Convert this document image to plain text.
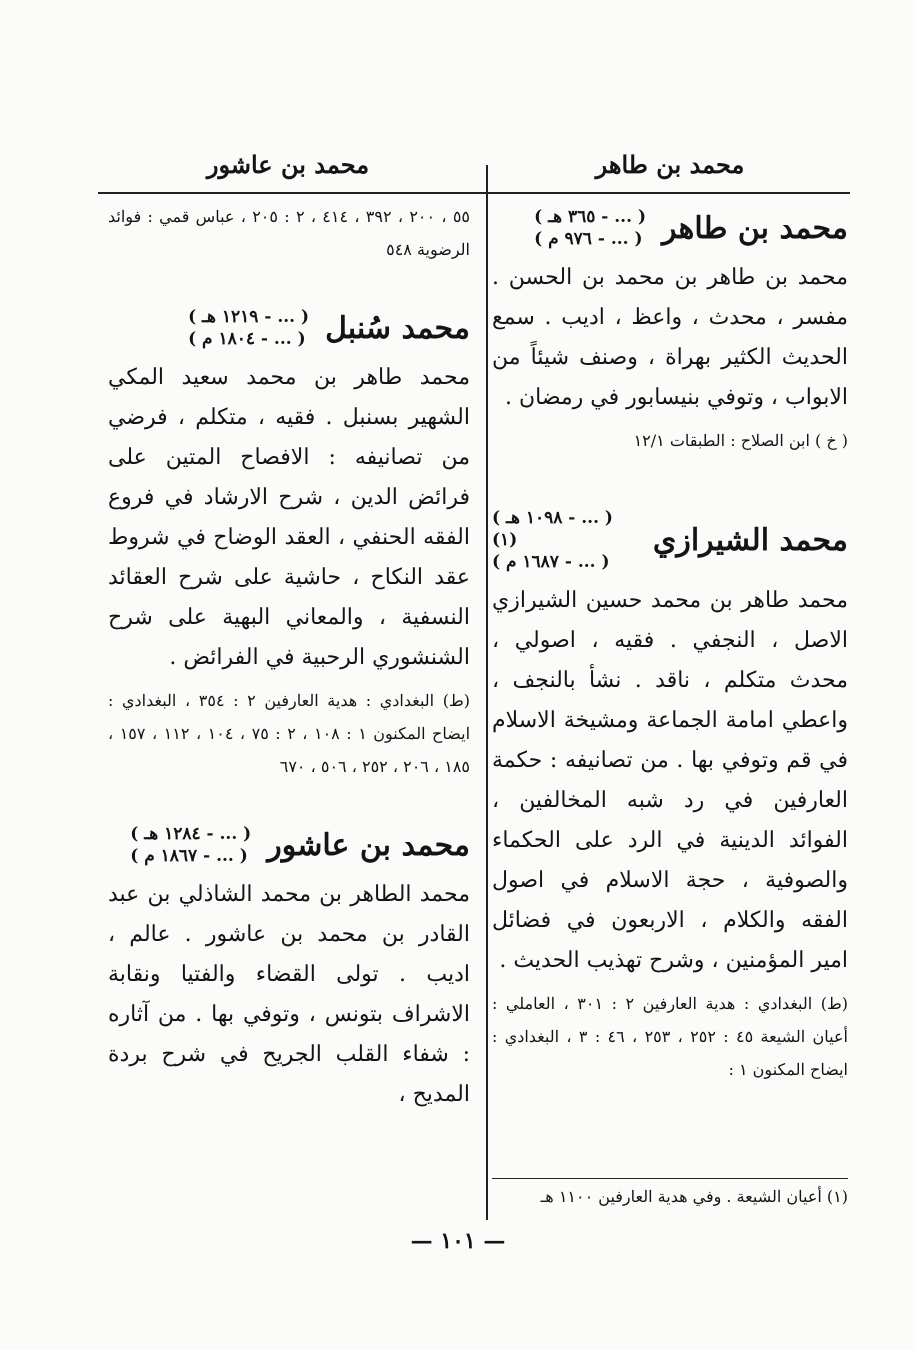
محمد بن طاهر
محمد بن عاشور
محمد بن طاهر
( ... - ٣٦٥ هـ )
( ... - ٩٧٦ م )

محمد بن طاهر بن محمد بن الحسن . مفسر ، محدث ، واعظ ، اديب . سمع الحديث الكثير بهراة ، وصنف شيئاً من الابواب ، وتوفي بنيسابور في رمضان .

( خ ) ابن الصلاح : الطبقات ١٢/١

محمد الشيرازي
( ... - ١٠٩٨ هـ )(١)
( ... - ١٦٨٧ م )

محمد طاهر بن محمد حسين الشيرازي الاصل ، النجفي . فقيه ، اصولي ، محدث متكلم ، ناقد . نشأ بالنجف ، واعطي امامة الجماعة ومشيخة الاسلام في قم وتوفي بها . من تصانيفه : حكمة العارفين في رد شبه المخالفين ، الفوائد الدينية في الرد على الحكماء والصوفية ، حجة الاسلام في اصول الفقه والكلام ، الاربعون في فضائل امير المؤمنين ، وشرح تهذيب الحديث .

(ط) البغدادي : هدية العارفين ٢ : ٣٠١ ، العاملي : أعيان الشيعة ٤٥ : ٢٥٢ ، ٢٥٣ ، ٤٦ : ٣ ، البغدادي : ايضاح المكنون ١ :

(١) أعيان الشيعة . وفي هدية العارفين ١١٠٠ هـ

٥٥ ، ٢٠٠ ، ٣٩٢ ، ٤١٤ ، ٢ : ٢٠٥ ، عباس قمي : فوائد الرضوية ٥٤٨

محمد سُنبل
( ... - ١٢١٩ هـ )
( ... - ١٨٠٤ م )

محمد طاهر بن محمد سعيد المكي الشهير بسنبل . فقيه ، متكلم ، فرضي من تصانيفه : الافصاح المتين على فرائض الدين ، شرح الارشاد في فروع الفقه الحنفي ، العقد الوضاح في شروط عقد النكاح ، حاشية على شرح العقائد النسفية ، والمعاني البهية على شرح الشنشوري الرحبية في الفرائض .

(ط) البغدادي : هدية العارفين ٢ : ٣٥٤ ، البغدادي : ايضاح المكنون ١ : ١٠٨ ، ٢ : ٧٥ ، ١٠٤ ، ١١٢ ، ١٥٧ ، ١٨٥ ، ٢٠٦ ، ٢٥٢ ، ٥٠٦ ، ٦٧٠

محمد بن عاشور
( ... - ١٢٨٤ هـ )
( ... - ١٨٦٧ م )

محمد الطاهر بن محمد الشاذلي بن عبد القادر بن محمد بن عاشور . عالم ، اديب . تولى القضاء والفتيا ونقابة الاشراف بتونس ، وتوفي بها . من آثاره : شفاء القلب الجريح في شرح بردة المديح ،

— ١٠١ —
